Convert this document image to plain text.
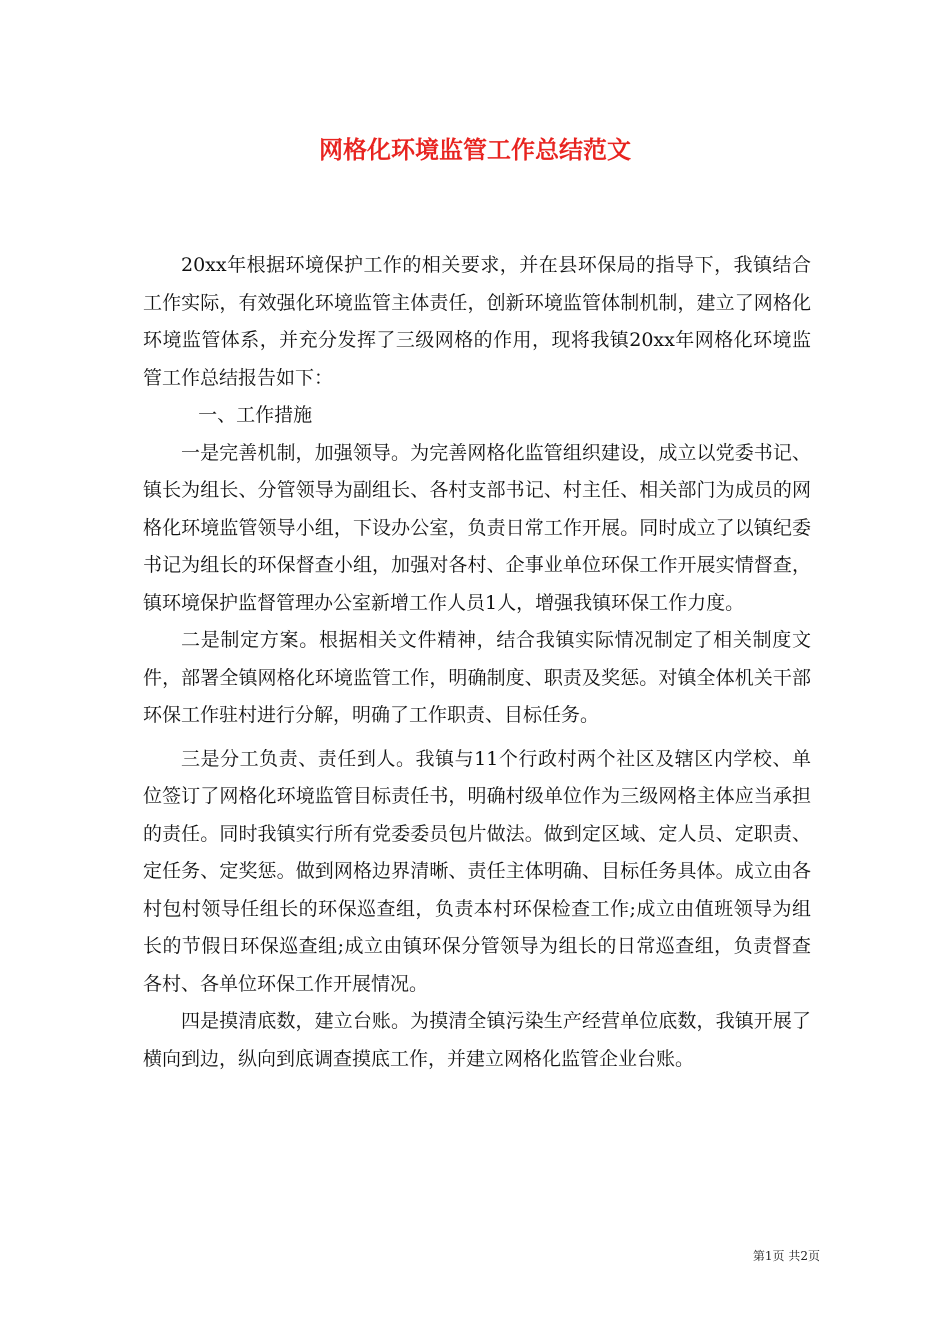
网格化环境监管工作总结范文

20xx年根据环境保护工作的相关要求，并在县环保局的指导下，我镇结合工作实际，有效强化环境监管主体责任，创新环境监管体制机制，建立了网格化环境监管体系，并充分发挥了三级网格的作用，现将我镇20xx年网格化环境监管工作总结报告如下：

一、工作措施

一是完善机制，加强领导。为完善网格化监管组织建设，成立以党委书记、镇长为组长、分管领导为副组长、各村支部书记、村主任、相关部门为成员的网格化环境监管领导小组，下设办公室，负责日常工作开展。同时成立了以镇纪委书记为组长的环保督查小组，加强对各村、企事业单位环保工作开展实情督查，镇环境保护监督管理办公室新增工作人员1人，增强我镇环保工作力度。

二是制定方案。根据相关文件精神，结合我镇实际情况制定了相关制度文件，部署全镇网格化环境监管工作，明确制度、职责及奖惩。对镇全体机关干部环保工作驻村进行分解，明确了工作职责、目标任务。

三是分工负责、责任到人。我镇与11个行政村两个社区及辖区内学校、单位签订了网格化环境监管目标责任书，明确村级单位作为三级网格主体应当承担的责任。同时我镇实行所有党委委员包片做法。做到定区域、定人员、定职责、定任务、定奖惩。做到网格边界清晰、责任主体明确、目标任务具体。成立由各村包村领导任组长的环保巡查组，负责本村环保检查工作;成立由值班领导为组长的节假日环保巡查组;成立由镇环保分管领导为组长的日常巡查组，负责督查各村、各单位环保工作开展情况。

四是摸清底数，建立台账。为摸清全镇污染生产经营单位底数，我镇开展了横向到边，纵向到底调查摸底工作，并建立网格化监管企业台账。

第1页 共2页
